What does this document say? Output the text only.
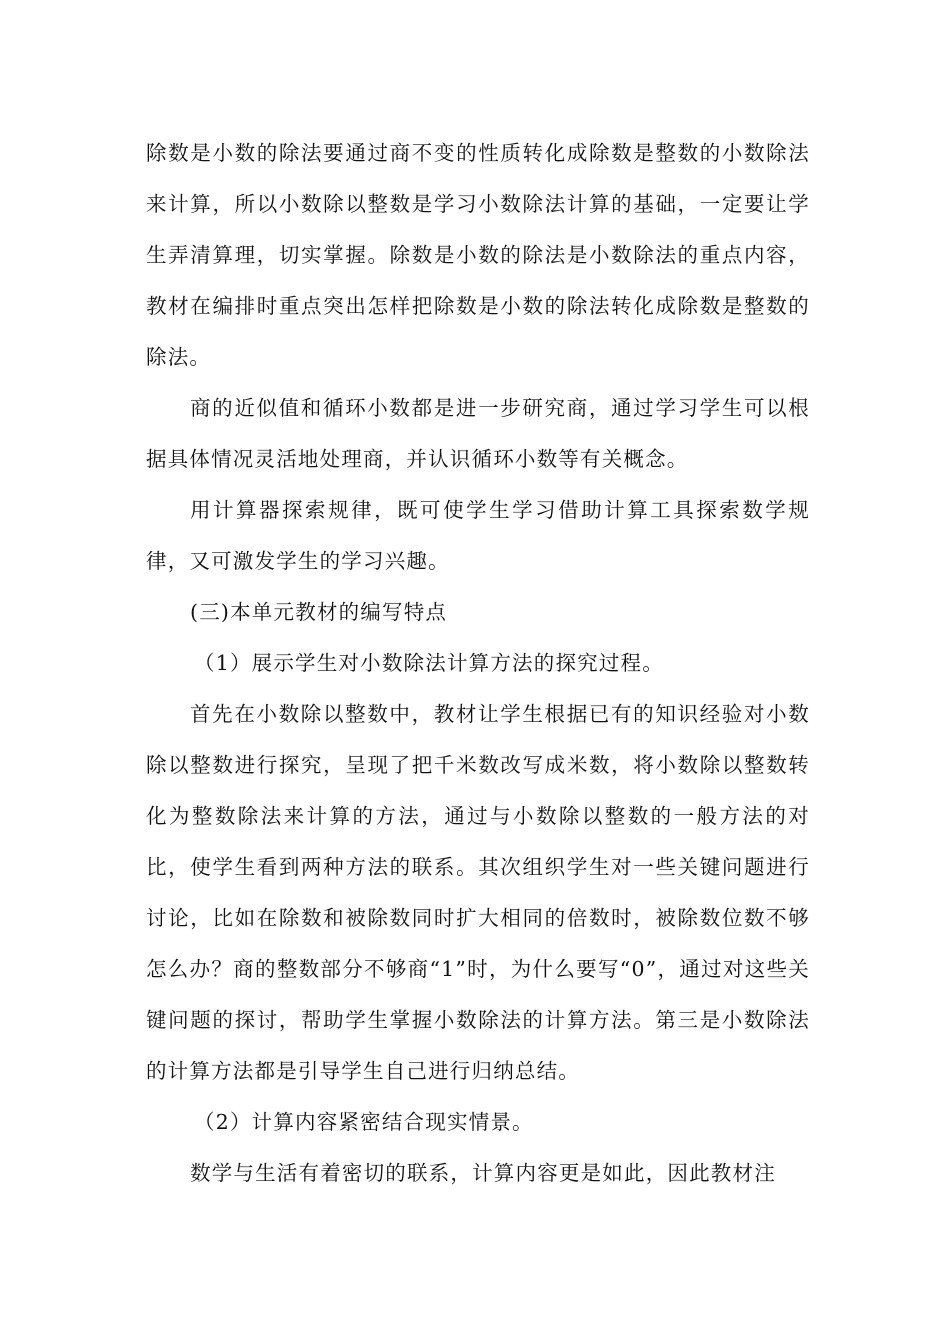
除数是小数的除法要通过商不变的性质转化成除数是整数的小数除法来计算，所以小数除以整数是学习小数除法计算的基础，一定要让学生弄清算理，切实掌握。除数是小数的除法是小数除法的重点内容，教材在编排时重点突出怎样把除数是小数的除法转化成除数是整数的除法。

商的近似值和循环小数都是进一步研究商，通过学习学生可以根据具体情况灵活地处理商，并认识循环小数等有关概念。

用计算器探索规律，既可使学生学习借助计算工具探索数学规律，又可激发学生的学习兴趣。

(三)本单元教材的编写特点

（1）展示学生对小数除法计算方法的探究过程。

首先在小数除以整数中，教材让学生根据已有的知识经验对小数除以整数进行探究，呈现了把千米数改写成米数，将小数除以整数转化为整数除法来计算的方法，通过与小数除以整数的一般方法的对比，使学生看到两种方法的联系。其次组织学生对一些关键问题进行讨论，比如在除数和被除数同时扩大相同的倍数时，被除数位数不够怎么办？商的整数部分不够商“1”时，为什么要写“0”，通过对这些关键问题的探讨，帮助学生掌握小数除法的计算方法。第三是小数除法的计算方法都是引导学生自己进行归纳总结。

（2）计算内容紧密结合现实情景。

数学与生活有着密切的联系，计算内容更是如此，因此教材注
